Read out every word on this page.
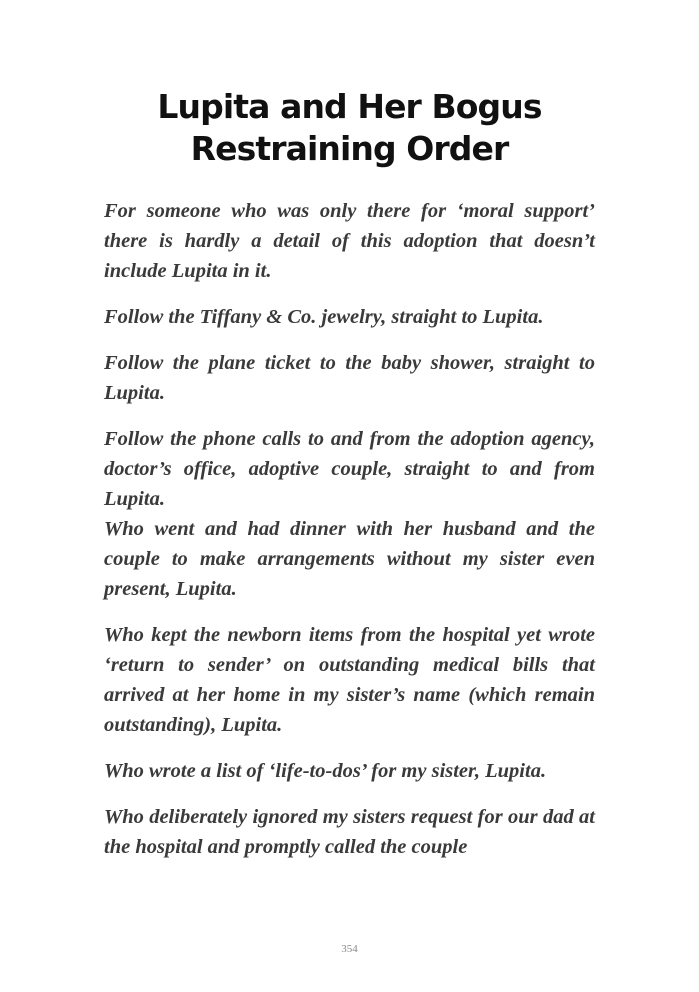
Lupita and Her Bogus
Restraining Order

For someone who was only there for ‘moral support’ there is hardly a detail of this adoption that doesn’t include Lupita in it.

Follow the Tiffany & Co. jewelry, straight to Lupita.

Follow the plane ticket to the baby shower, straight to Lupita.

Follow the phone calls to and from the adoption agency, doctor’s office, adoptive couple, straight to and from Lupita.

Who went and had dinner with her husband and the couple to make arrangements without my sister even present, Lupita.

Who kept the newborn items from the hospital yet wrote ‘return to sender’ on outstanding medical bills that arrived at her home in my sister’s name (which remain outstanding), Lupita.

Who wrote a list of ‘life-to-dos’ for my sister, Lupita.

Who deliberately ignored my sisters request for our dad at the hospital and promptly called the couple

354
